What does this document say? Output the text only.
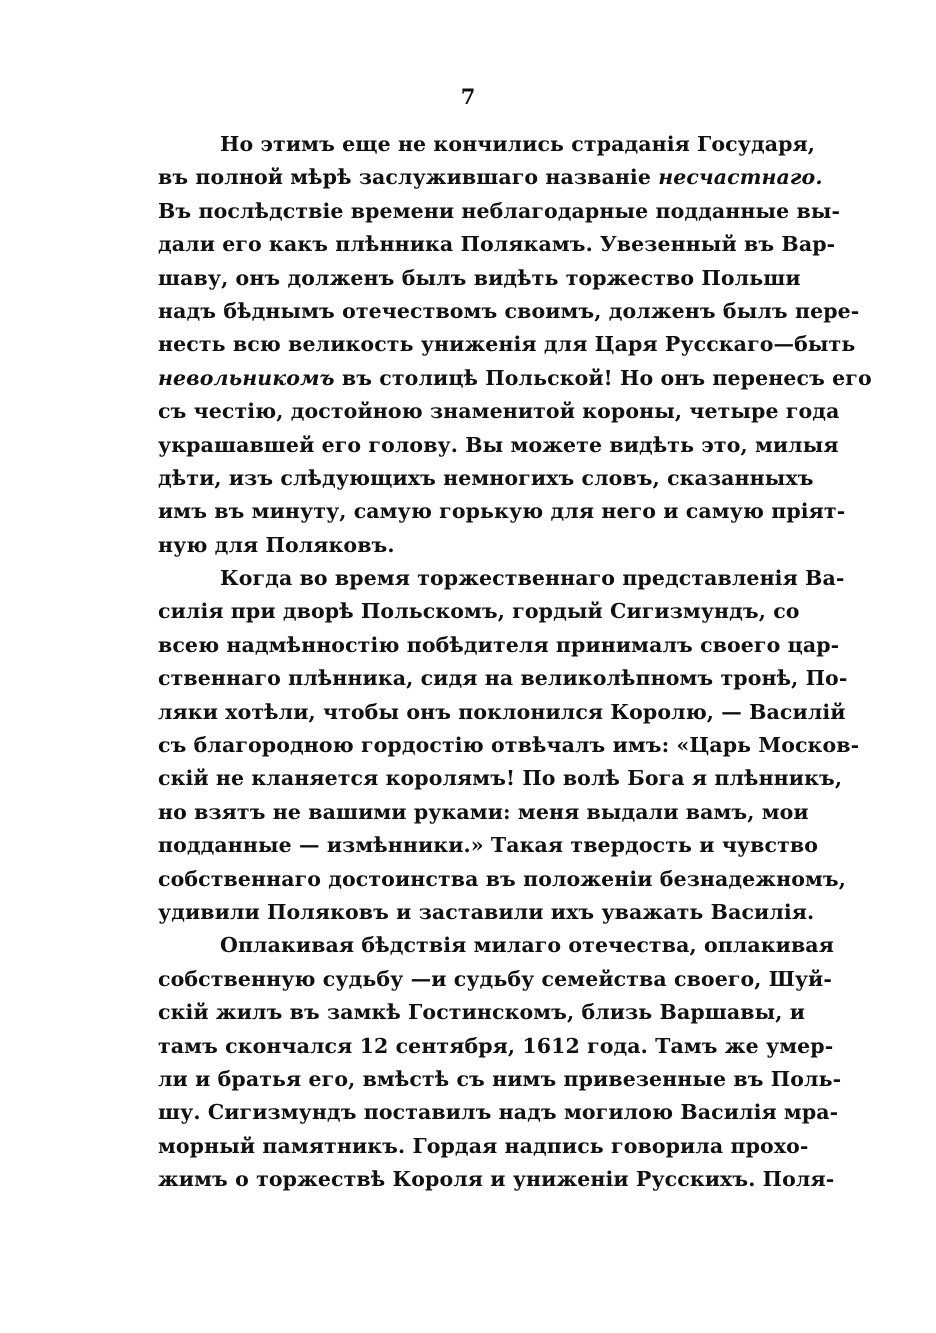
7
Но этимъ еще не кончились страданія Государя,
въ полной мѣрѣ заслужившаго названіе несчастнаго.
Въ послѣдствіе времени неблагодарные подданные вы-
дали его какъ плѣнника Полякамъ. Увезенный въ Вар-
шаву, онъ долженъ былъ видѣть торжество Польши
надъ бѣднымъ отечествомъ своимъ, долженъ былъ пере-
несть всю великость униженія для Царя Русскаго—быть
невольникомъ въ столицѣ Польской! Но онъ перенесъ его
съ честію, достойною знаменитой короны, четыре года
украшавшей его голову. Вы можете видѣть это, милыя
дѣти, изъ слѣдующихъ немногихъ словъ, сказанныхъ
имъ въ минуту, самую горькую для него и самую пріят-
ную для Поляковъ.
Когда во время торжественнаго представленія Ва-
силія при дворѣ Польскомъ, гордый Сигизмундъ, со
всею надмѣнностію побѣдителя принималъ своего цар-
ственнаго плѣнника, сидя на великолѣпномъ тронѣ, По-
ляки хотѣли, чтобы онъ поклонился Королю, — Василій
съ благородною гордостію отвѣчалъ имъ: «Царь Москов-
скій не кланяется королямъ! По волѣ Бога я плѣнникъ,
но взятъ не вашими руками: меня выдали вамъ, мои
подданные — измѣнники.» Такая твердость и чувство
собственнаго достоинства въ положеніи безнадежномъ,
удивили Поляковъ и заставили ихъ уважать Василія.
Оплакивая бѣдствія милаго отечества, оплакивая
собственную судьбу —и судьбу семейства своего, Шуй-
скій жилъ въ замкѣ Гостинскомъ, близь Варшавы, и
тамъ скончался 12 сентября, 1612 года. Тамъ же умер-
ли и братья его, вмѣстѣ съ нимъ привезенные въ Поль-
шу. Сигизмундъ поставилъ надъ могилою Василія мра-
морный памятникъ. Гордая надпись говорила прохо-
жимъ о торжествѣ Короля и униженіи Русскихъ. Поля-
